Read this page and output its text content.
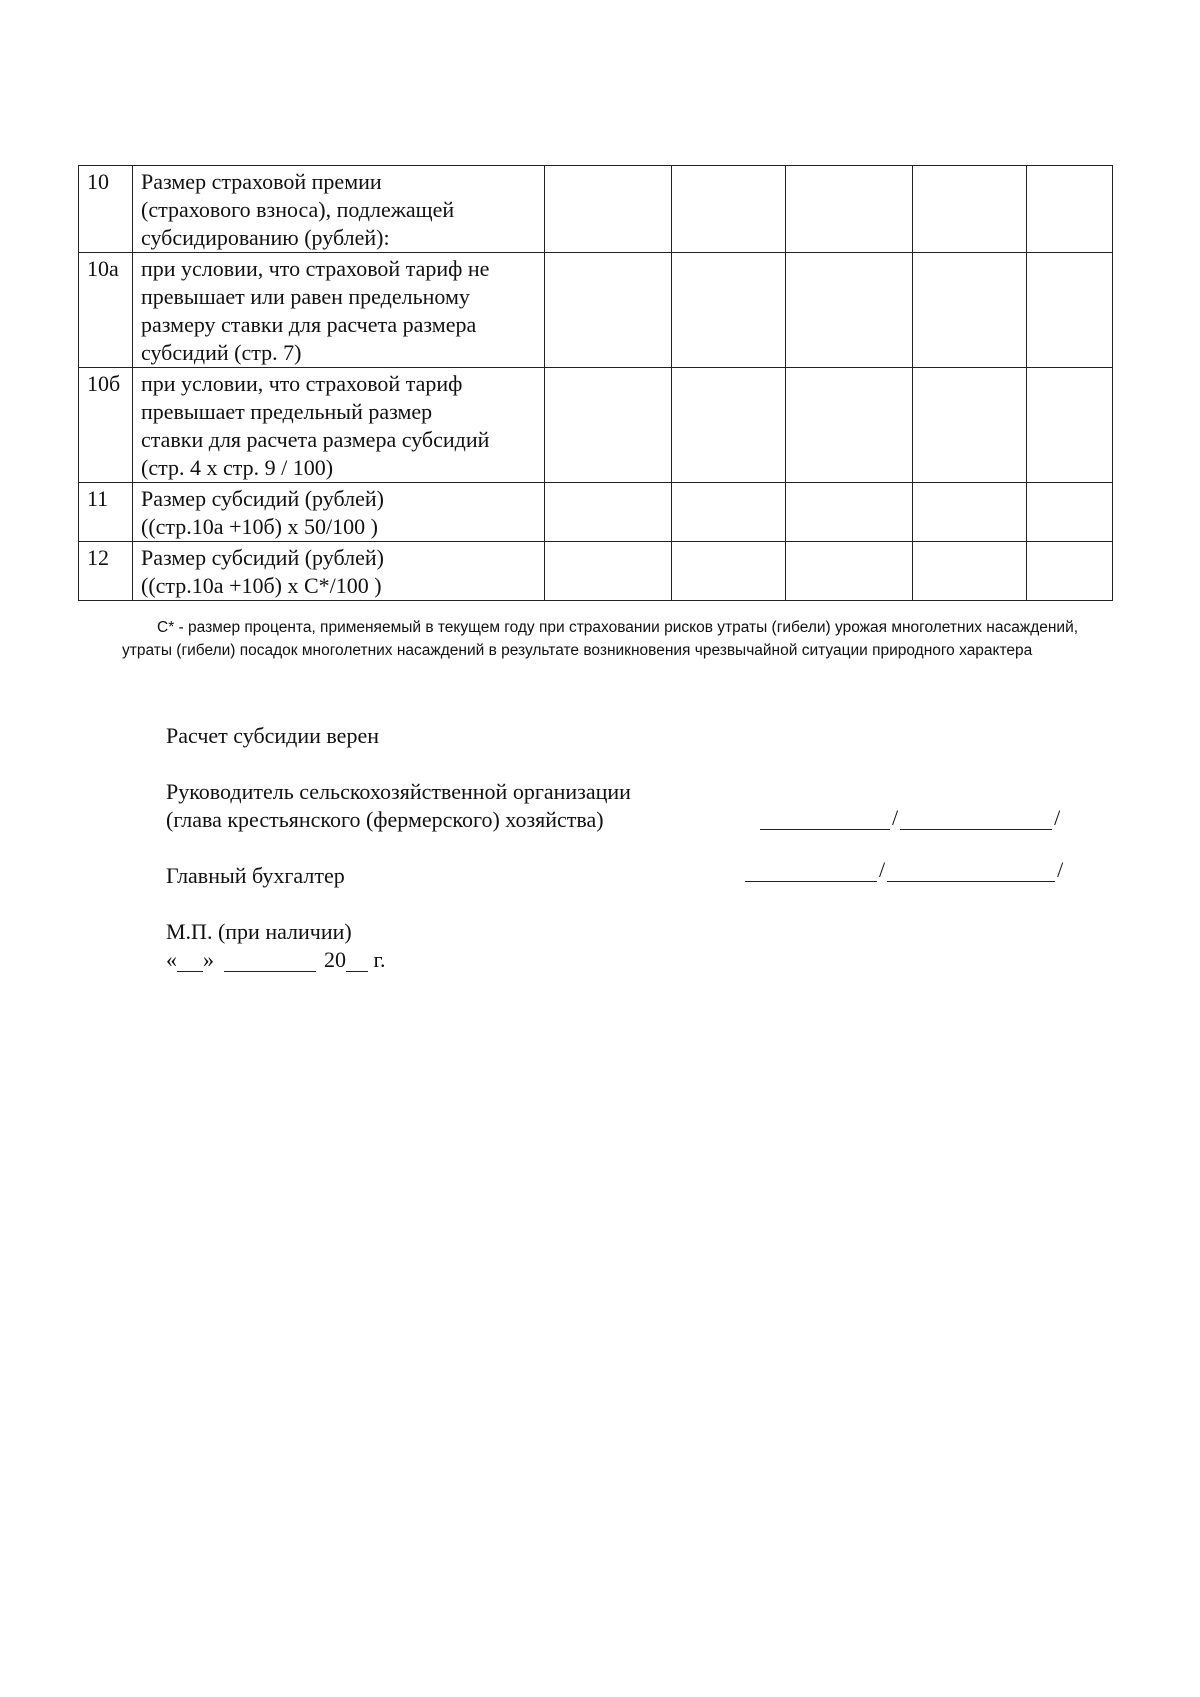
10	Размер страховой премии
(страхового взноса), подлежащей
субсидированию (рублей):					
10а	при условии, что страховой тариф не
превышает или равен предельному
размеру ставки для расчета размера
субсидий (стр. 7)					
10б	при условии, что страховой тариф
превышает предельный размер
ставки для расчета размера субсидий
(стр. 4 х стр. 9 / 100)					
11	Размер субсидий (рублей)
((стр.10а +10б) х 50/100 )					
12	Размер субсидий (рублей)
((стр.10а +10б) х С*/100 )					
С* - размер процента, применяемый в текущем году при страховании рисков утраты (гибели) урожая многолетних насаждений, утраты (гибели) посадок многолетних насаждений в результате возникновения чрезвычайной ситуации природного характера
Расчет субсидии верен
Руководитель сельскохозяйственной организации
(глава крестьянского (фермерского) хозяйства)	/	/
Главный бухгалтер	/	/
М.П. (при наличии)
« »	20 г.
